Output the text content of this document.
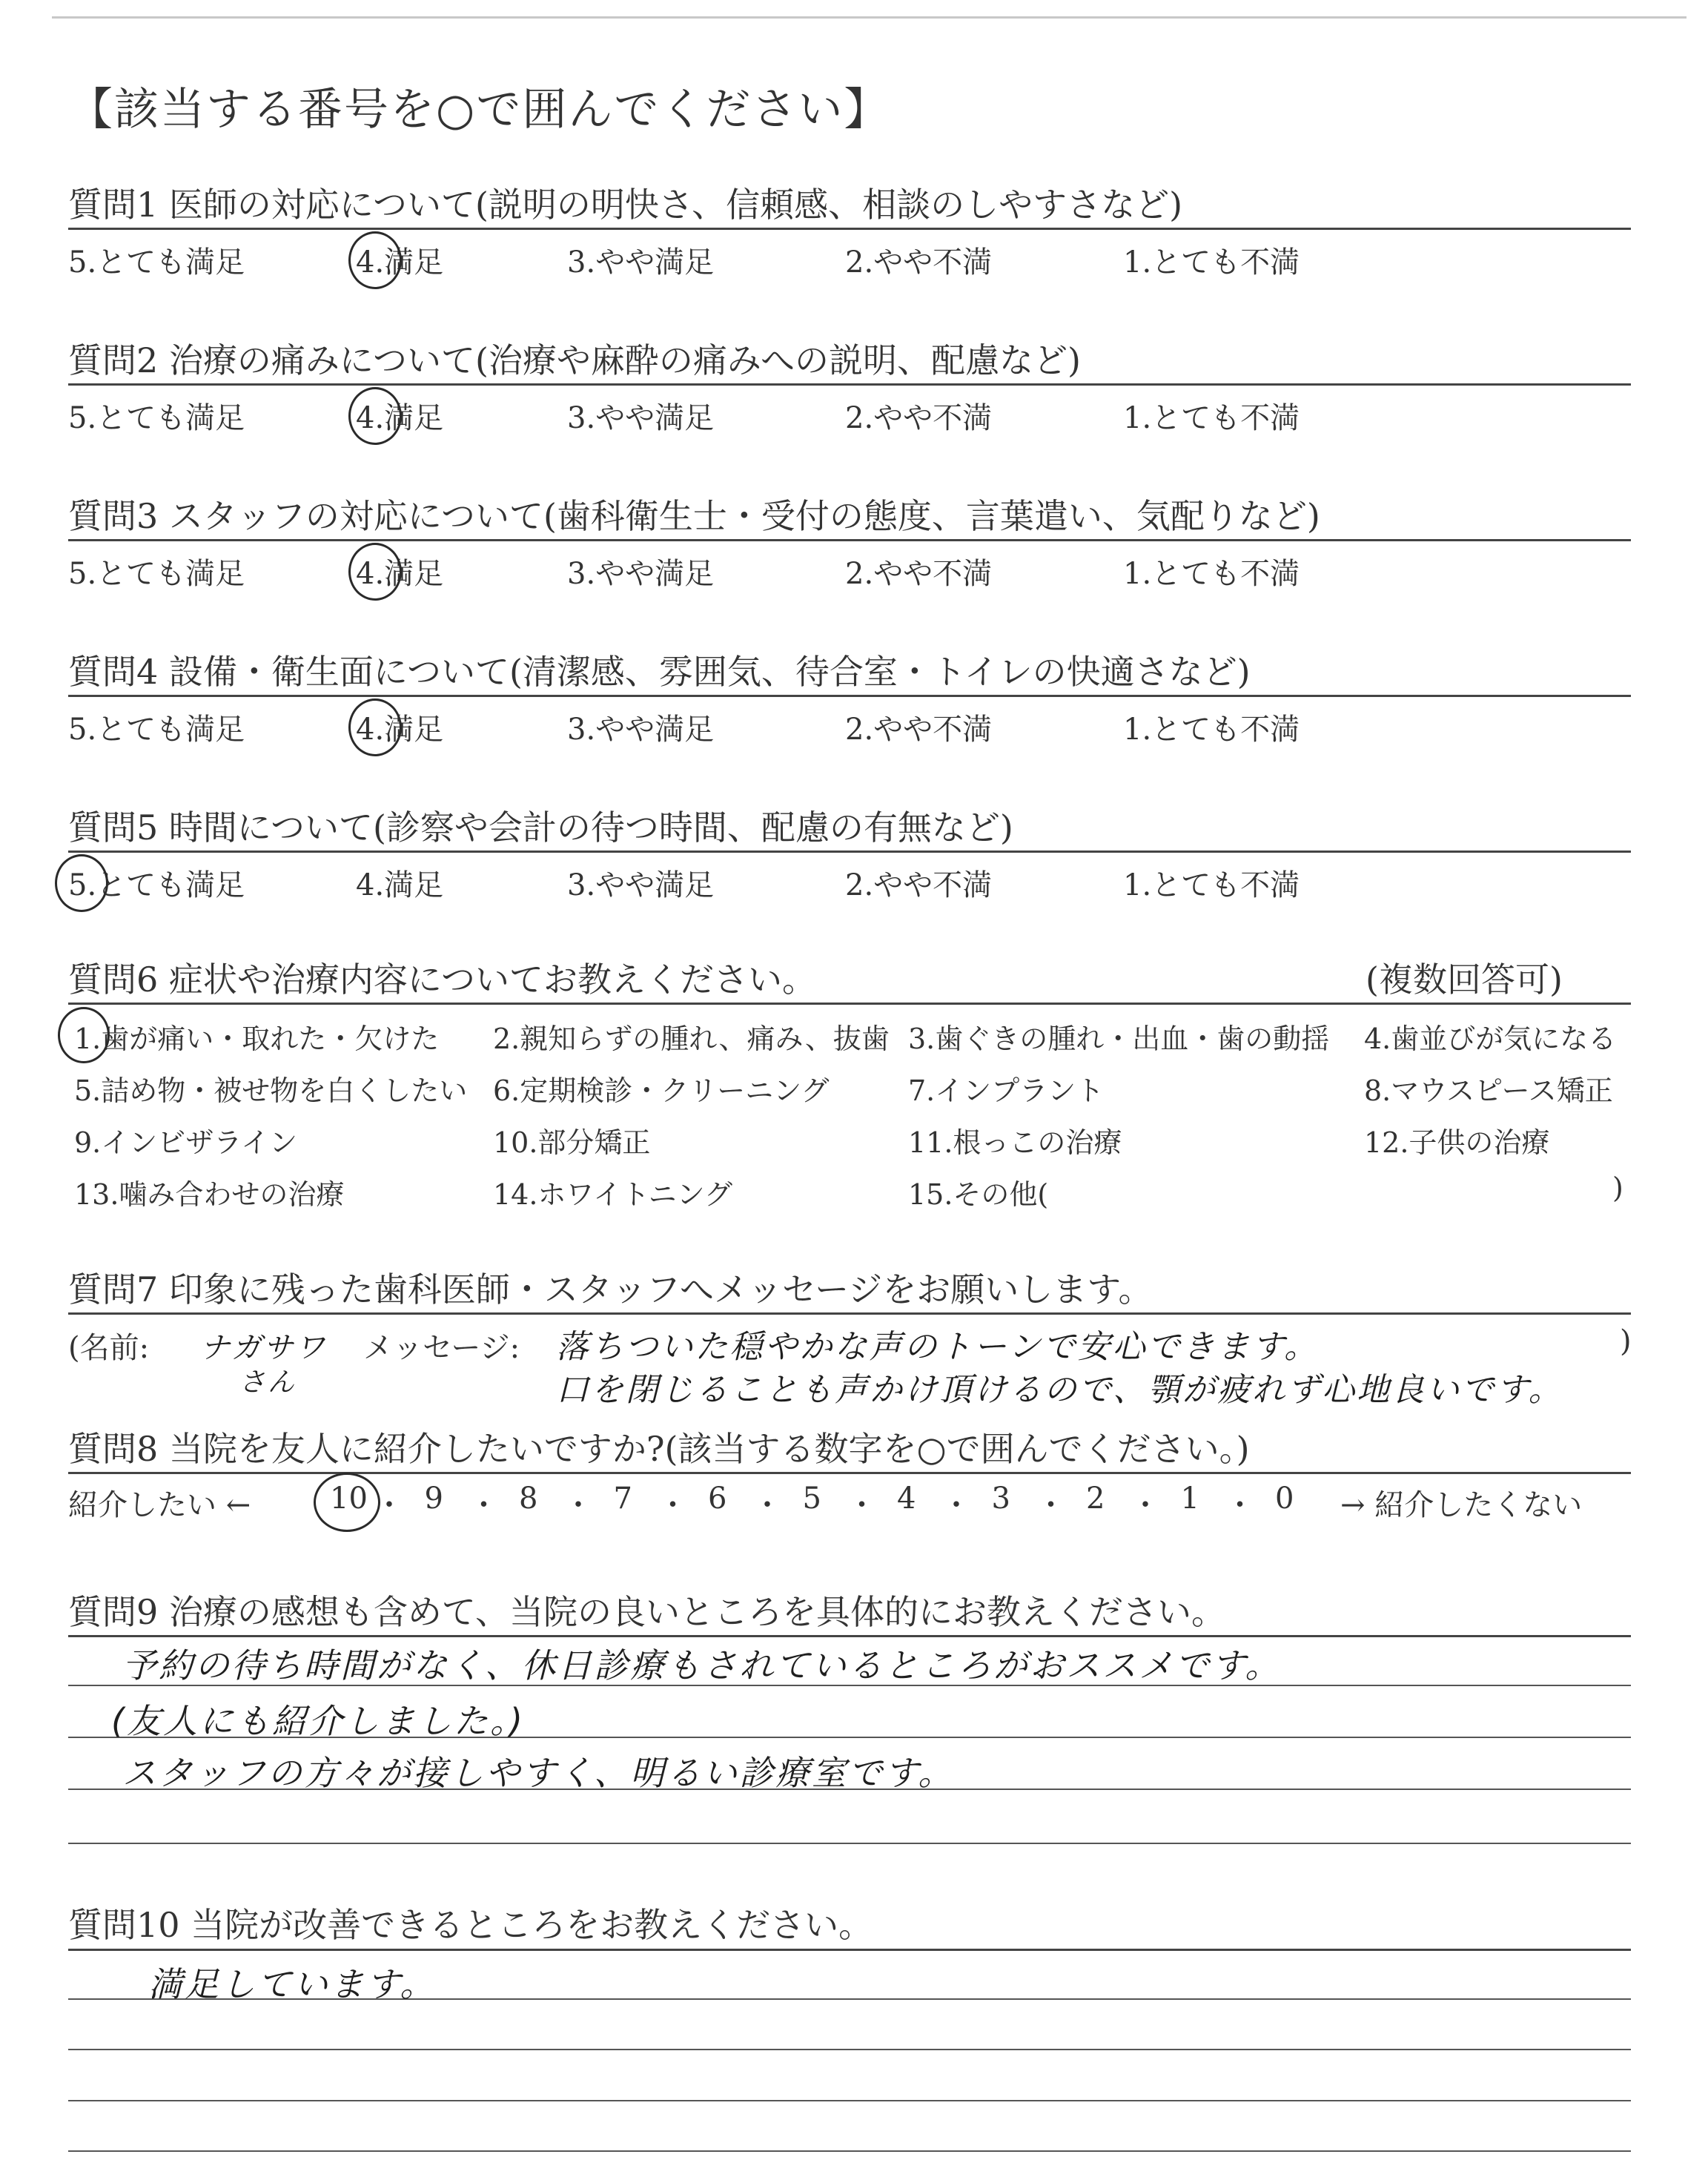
【該当する番号を○で囲んでください】
質問1 医師の対応について(説明の明快さ、信頼感、相談のしやすさなど)
5.とても満足	4.満足	3.やや満足	2.やや不満	1.とても不満
質問2 治療の痛みについて(治療や麻酔の痛みへの説明、配慮など)
5.とても満足	4.満足	3.やや満足	2.やや不満	1.とても不満
質問3 スタッフの対応について(歯科衛生士・受付の態度、言葉遣い、気配りなど)
5.とても満足	4.満足	3.やや満足	2.やや不満	1.とても不満
質問4 設備・衛生面について(清潔感、雰囲気、待合室・トイレの快適さなど)
5.とても満足	4.満足	3.やや満足	2.やや不満	1.とても不満
質問5 時間について(診察や会計の待つ時間、配慮の有無など)
5.とても満足	4.満足	3.やや満足	2.やや不満	1.とても不満
質問6 症状や治療内容についてお教えください。	(複数回答可)
1.歯が痛い・取れた・欠けた 2.親知らずの腫れ、痛み、抜歯 3.歯ぐきの腫れ・出血・歯の動揺 4.歯並びが気になる
5.詰め物・被せ物を白くしたい 6.定期検診・クリーニング	7.インプラント	8.マウスピース矯正
9.インビザライン	10.部分矯正	11.根っこの治療	12.子供の治療
13.噛み合わせの治療	14.ホワイトニング	15.その他(	)
質問7 印象に残った歯科医師・スタッフへメッセージをお願いします。
(名前: ナガサワ
さん
メッセージ: 落ちついた穏やかな声のトーンで安心できます。
口を閉じることも声かけ頂けるので、顎が疲れず心地良いです。
)
質問8 当院を友人に紹介したいですか?(該当する数字を○で囲んでください。)
紹介したい ←	→ 紹介したくない
10 ・ 9 ・ 8 ・ 7 ・ 6 ・ 5 ・ 4 ・ 3 ・ 2 ・ 1 ・ 0
質問9 治療の感想も含めて、当院の良いところを具体的にお教えください。
予約の待ち時間がなく、休日診療もされているところがおススメです。
(友人にも紹介しました。)
スタッフの方々が接しやすく、明るい診療室です。
質問10 当院が改善できるところをお教えください。
満足しています。
